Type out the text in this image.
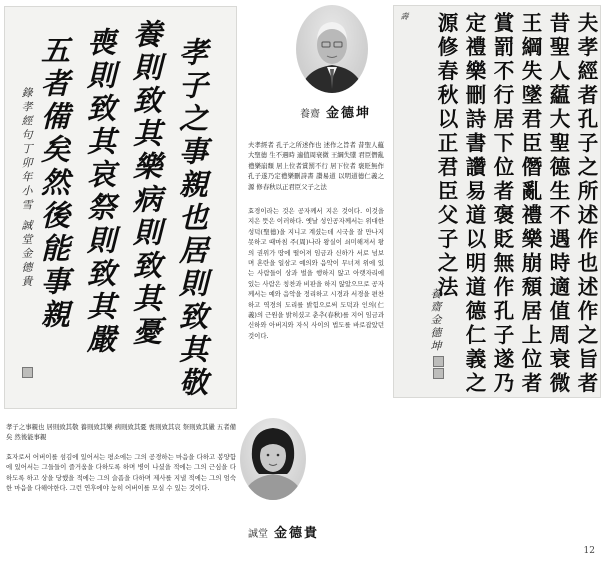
孝子之事親也居則致其敬
養則致其樂病則致其憂
喪則致其哀祭則致其嚴
五者備矣然後能事親
錄孝經句丁卯年小雪 誠堂金德貴	養齋 金德坤

夫孝經者 孔子之所述作也 述作之旨者 昔聖人藴大聖德 生不遇時 適值周衰微 王綱失墜 君臣僭亂 禮樂崩頹 居上位者賞罰不行 居下位者 褒貶無作 孔子遂乃定禮樂刪詩書 讚易道 以明道德仁義之源 修春秋以正君臣父子之法

효경이라는 것은 공자께서 지은 것이다. 이것을 지은 뜻은 이러하다. 옛날 성인공자께서는 위대한 성덕(聖德)을 지니고 계셨는데 시국을 잘 만나지 못하고 때마침 주(周)나라 왕실이 쇠미해져서 왕의 권위가 땅에 떨어져 임금과 신하가 서로 넘보며 혼란을 일삼고 예의와 음악이 무너져 위에 있는 사람들이 상과 벌을 행하지 않고 아랫자리에 있는 사람은 칭찬과 비판을 하지 않았으므로 공자께서는 예와 음악을 정리하고 시경과 서경을 편찬하고 역경의 도리를 밝힘으로써 도덕과 인의(仁義)의 근원을 밝히셨고 춘추(春秋)를 지어 임금과 신하와 아버지와 자식 사이의 법도를 바로잡았던 것이다.

壽	夫孝經者孔子之所述作也述作之旨者
昔聖人藴大聖德生不遇時適值周衰微
王綱失墜君臣僭亂禮樂崩頹居上位者
賞罰不行居下位者褒貶無作孔子遂乃
定禮樂刪詩書讚易道以明道德仁義之
源修春秋以正君臣父子之法
養齋金德坤

孝子之事親也 居則致其敬 養則致其樂 病則致其憂 喪則致其哀 祭則致其嚴 五者備矣 然後能事親

효자로서 어버이를 섬김에 있어서는 평소에는 그의 공경하는 마음을 다하고 봉양함에 있어서는 그들들이 즐거움을 다하도록 하며 병이 나셨을 적에는 그의 근심을 다하도록 하고 상을 당했을 적에는 그의 슬픔을 다하며 제사를 지낼 적에는 그의 엄숙한 마음을 다해야한다. 그런 연후에야 능히 어버이를 모실 수 있는 것이다.

誠堂 金德貴
12
